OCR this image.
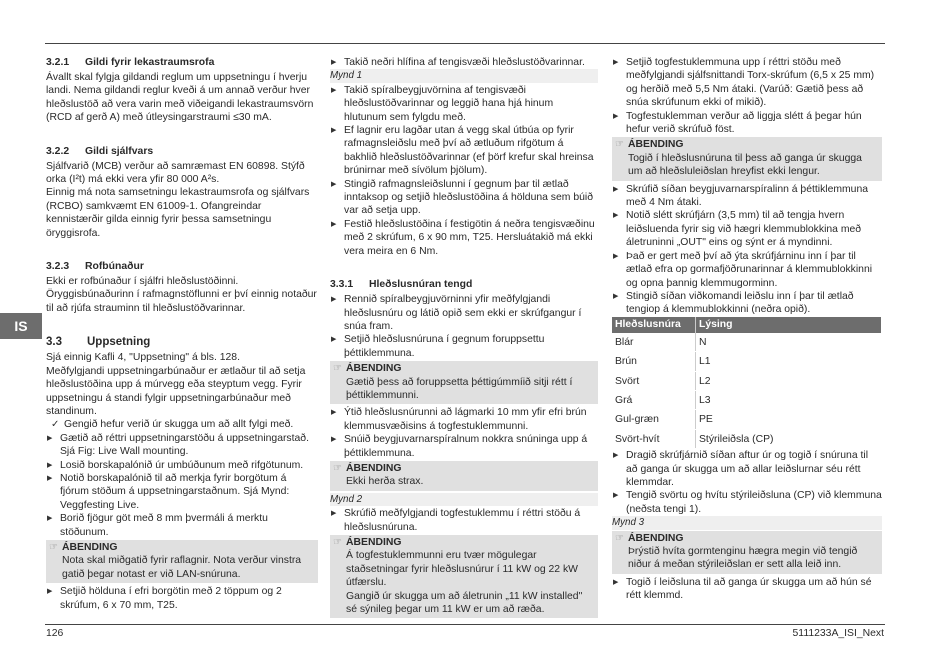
IS
3.2.1 Gildi fyrir lekastraumsrofa

Ávallt skal fylgja gildandi reglum um uppsetningu í hverju landi. Nema gildandi reglur kveði á um annað verður hver hleðslustöð að vera varin með viðeigandi lekastraumsvörn (RCD af gerð A) með útleysingarstraumi ≤30 mA.

3.2.2 Gildi sjálfvars

Sjálfvarið (MCB) verður að samræmast EN 60898. Stýfð orka (I²t) má ekki vera yfir 80 000 A²s.

Einnig má nota samsetningu lekastraumsrofa og sjálfvars (RCBO) samkvæmt EN 61009-1. Ofangreindar kennistærðir gilda einnig fyrir þessa samsetningu öryggisrofa.

3.2.3 Rofbúnaður

Ekki er rofbúnaður í sjálfri hleðslustöðinni. Öryggisbúnaðurinn í rafmagnstöflunni er því einnig notaður til að rjúfa strauminn til hleðslustöðvarinnar.

3.3 Uppsetning

Sjá einnig Kafli 4, "Uppsetning" á bls. 128.

Meðfylgjandi uppsetningarbúnaður er ætlaður til að setja hleðslustöðina upp á múrvegg eða steyptum vegg. Fyrir uppsetningu á standi fylgir uppsetningarbúnaður með standinum.

✓ Gengið hefur verið úr skugga um að allt fylgi með.
▶ Gætið að réttri uppsetningarstöðu á uppsetningarstað. Sjá Fig: Live Wall mounting.
▶ Losið borskapalónið úr umbúðunum með rifgötunum.
▶ Notið borskapalónið til að merkja fyrir borgötum á fjórum stöðum á uppsetningarstaðnum. Sjá Mynd: Veggfesting Live.
▶ Borið fjögur göt með 8 mm þvermáli á merktu stöðunum.
☞ ÁBENDING
Nota skal miðgatið fyrir raflagnir. Nota verður vinstra gatið þegar notast er við LAN-snúruna.
▶ Setjið hölduna í efri borgötin með 2 töppum og 2 skrúfum, 6 x 70 mm, T25.
▶ Takið neðri hlífina af tengisvæði hleðslustöðvarinnar.
Mynd 1
▶ Takið spíralbeygjuvörnina af tengisvæði hleðslustöðvarinnar og leggið hana hjá hinum hlutunum sem fylgdu með.
▶ Ef lagnir eru lagðar utan á vegg skal útbúa op fyrir rafmagnsleiðslu með því að ætluðum rifgötum á bakhlið hleðslustöðvarinnar (ef þörf krefur skal hreinsa brúnirnar með sívölum þjölum).
▶ Stingið rafmagnsleiðslunni í gegnum þar til ætlað inntaksop og setjið hleðslustöðina á hölduna sem búið var að setja upp.
▶ Festið hleðslustöðina í festigötin á neðra tengisvæðinu með 2 skrúfum, 6 x 90 mm, T25. Hersluátakið má ekki vera meira en 6 Nm.
3.3.1 Hleðslusnúran tengd
▶ Rennið spíralbeygjuvörninni yfir meðfylgjandi hleðslusnúru og látið opið sem ekki er skrúfgangur í snúa fram.
▶ Setjið hleðslusnúruna í gegnum foruppsettu þéttiklemmuna.
☞ ÁBENDING
Gætið þess að foruppsetta þéttigúmmíið sitji rétt í þéttiklemmunni.
▶ Ýtið hleðslusnúrunni að lágmarki 10 mm yfir efri brún klemmusvæðisins á togfestuklemmunni.
▶ Snúið beygjuvarnarspíralnum nokkra snúninga upp á þéttiklemmuna.
☞ ÁBENDING
Ekki herða strax.
Mynd 2
▶ Skrúfið meðfylgjandi togfestuklemmu í réttri stöðu á hleðslusnúruna.
☞ ÁBENDING
Á togfestuklemmunni eru tvær mögulegar staðsetningar fyrir hleðslusnúrur í 11 kW og 22 kW útfærslu.
Gangið úr skugga um að áletrunin „11 kW installed" sé sýnileg þegar um 11 kW er um að ræða.
▶ Setjið togfestuklemmuna upp í réttri stöðu með meðfylgjandi sjálfsnittandi Torx-skrúfum (6,5 x 25 mm) og herðið með 5,5 Nm átaki. (Varúð: Gætið þess að snúa skrúfunum ekki of mikið).
▶ Togfestuklemman verður að liggja slétt á þegar hún hefur verið skrúfuð föst.
☞ ÁBENDING
Togið í hleðslusnúruna til þess að ganga úr skugga um að hleðsluleiðslan hreyfist ekki lengur.
▶ Skrúfið síðan beygjuvarnarspíralinn á þéttiklemmuna með 4 Nm átaki.
▶ Notið slétt skrúfjárn (3,5 mm) til að tengja hvern leiðsluenda fyrir sig við hægri klemmublokkina með áletruninni „OUT" eins og sýnt er á myndinni.
▶ Það er gert með því að ýta skrúfjárninu inn í þar til ætlað efra op gormafjöðrunarinnar á klemmublokkinni og opna þannig klemmugorminn.
▶ Stingið síðan viðkomandi leiðslu inn í þar til ætlað tengiop á klemmublokkinni (neðra opið).
Hleðslusnúra	Lýsing
Blár	N
Brún	L1
Svört	L2
Grá	L3
Gul-græn	PE
Svört-hvít	Stýrileiðsla (CP)
▶ Dragið skrúfjárnið síðan aftur úr og togið í snúruna til að ganga úr skugga um að allar leiðslurnar séu rétt klemmdar.
▶ Tengið svörtu og hvítu stýrileiðsluna (CP) við klemmuna (neðsta tengi 1).
Mynd 3
☞ ÁBENDING
Þrýstið hvíta gormtenginu hægra megin við tengið niður á meðan stýrileiðslan er sett alla leið inn.
▶ Togið í leiðsluna til að ganga úr skugga um að hún sé rétt klemmd.
126	5111233A_ISI_Next
